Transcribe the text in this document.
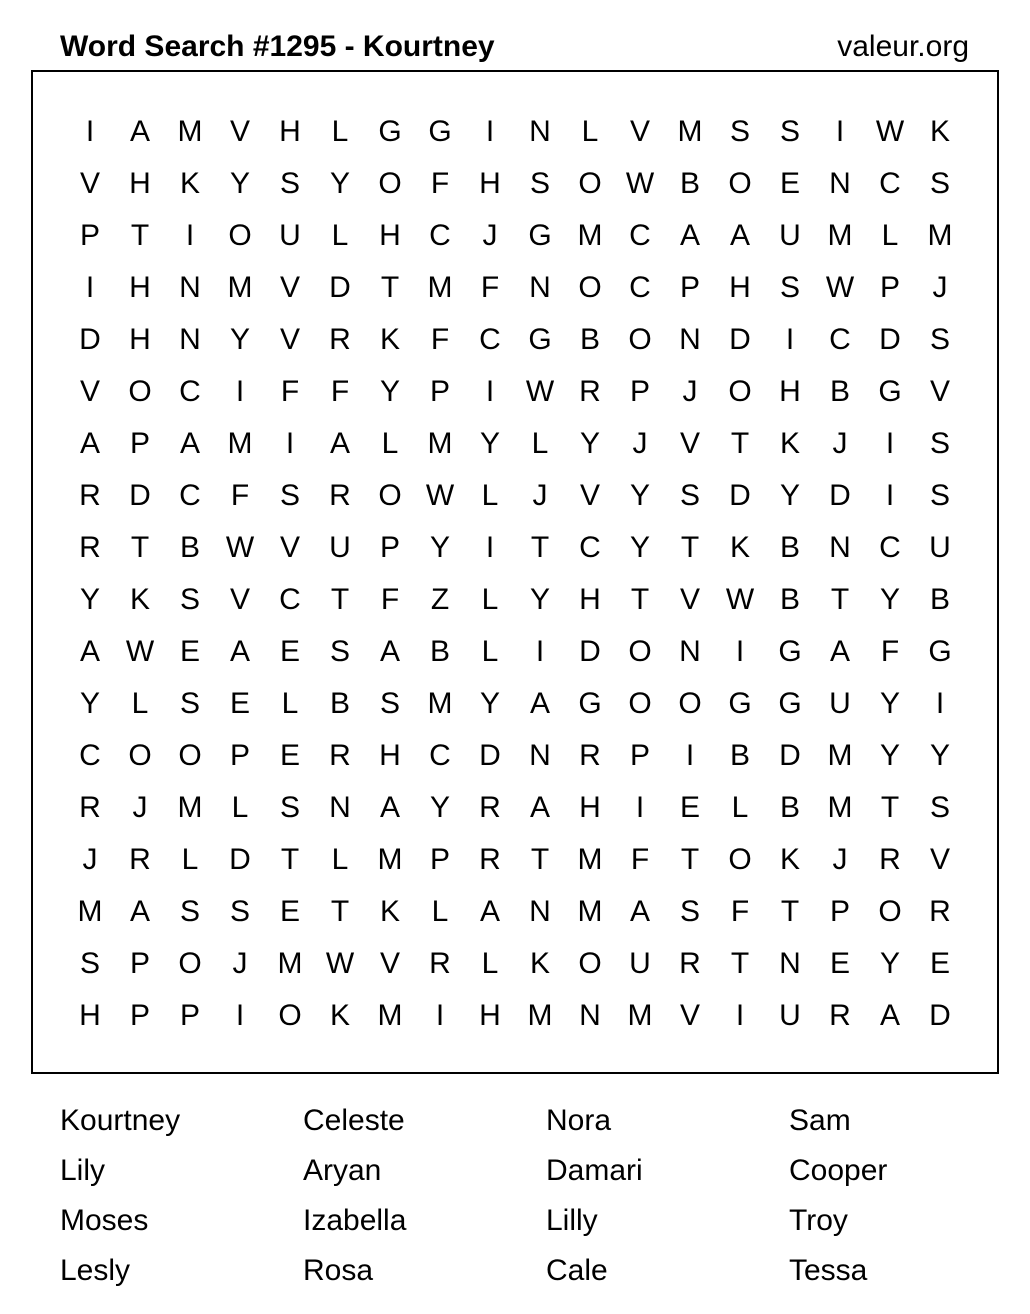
Word Search #1295 - Kourtney	valeur.org
I	A M V H	L G G	I	N	L	V M S S	I	W K
V H K Y S Y O F	H S O W B O E N C S
P	T	I	O U	L	H C	J	G M C A A U M L M
I	H N M V D	T M F	N O C P H S W P	J
D H N Y V R K	F	C G B O N D	I	C D S
V O C	I	F	F	Y P	I	W R P	J	O H B G V
A P A M	I	A	L M Y	L	Y	J	V	T	K	J	I	S
R D C	F	S R O W L	J	V Y S D Y D	I	S
R	T	B W V U P Y	I	T	C Y	T	K B N C U
Y K S V C	T	F	Z	L	Y H	T	V W B	T	Y B
A W E A E S A B	L	I	D O N	I	G A	F G
Y	L	S E	L	B S M Y A G O O G G U Y	I
C O O P E R H C D N R P	I	B D M Y Y
R	J	M L	S N A Y R A H	I	E	L	B M T	S
J	R	L	D	T	L M P R	T M F	T O K	J	R V
M A S S E	T	K	L	A N M A S	F	T	P O R
S P O	J	M W V R	L	K O U R	T	N E Y E
H P P	I	O K M	I	H M N M V	I	U R A D
Kourtney	Celeste	Nora	Sam
Lily	Aryan	Damari	Cooper
Moses	Izabella	Lilly	Troy
Lesly	Rosa	Cale	Tessa
